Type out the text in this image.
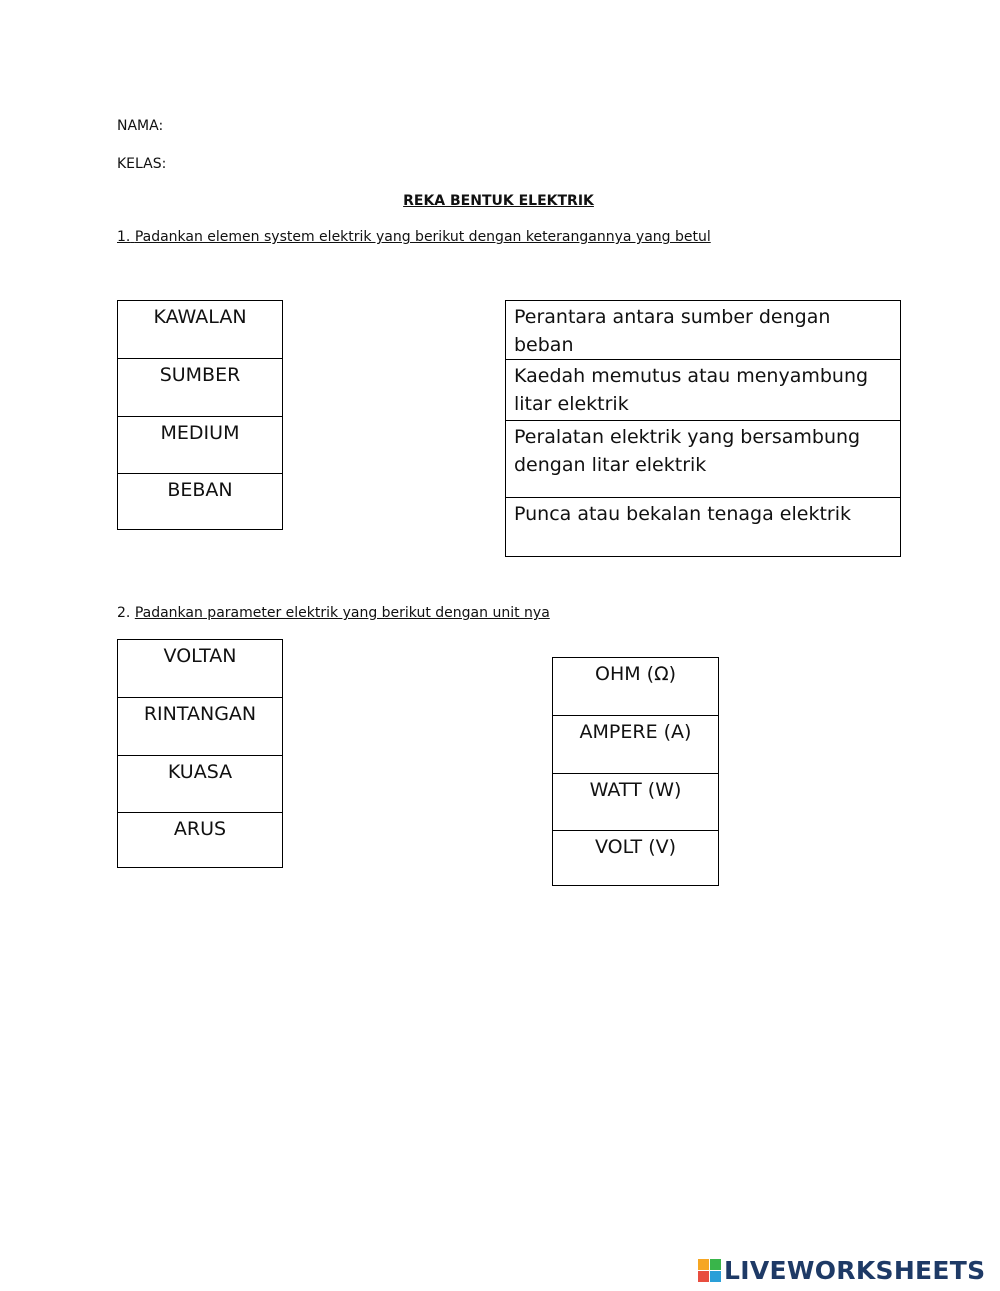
NAMA:
KELAS:
REKA BENTUK ELEKTRIK
1. Padankan elemen system elektrik yang berikut dengan keterangannya yang betul
KAWALAN
SUMBER
MEDIUM
BEBAN
Perantara antara sumber dengan beban
Kaedah memutus atau menyambung litar elektrik
Peralatan elektrik yang bersambung dengan litar elektrik
Punca atau bekalan tenaga elektrik
2. Padankan parameter elektrik yang berikut dengan unit nya
VOLTAN
RINTANGAN
KUASA
ARUS
OHM (Ω)
AMPERE (A)
WATT (W)
VOLT (V)
LIVEWORKSHEETS
